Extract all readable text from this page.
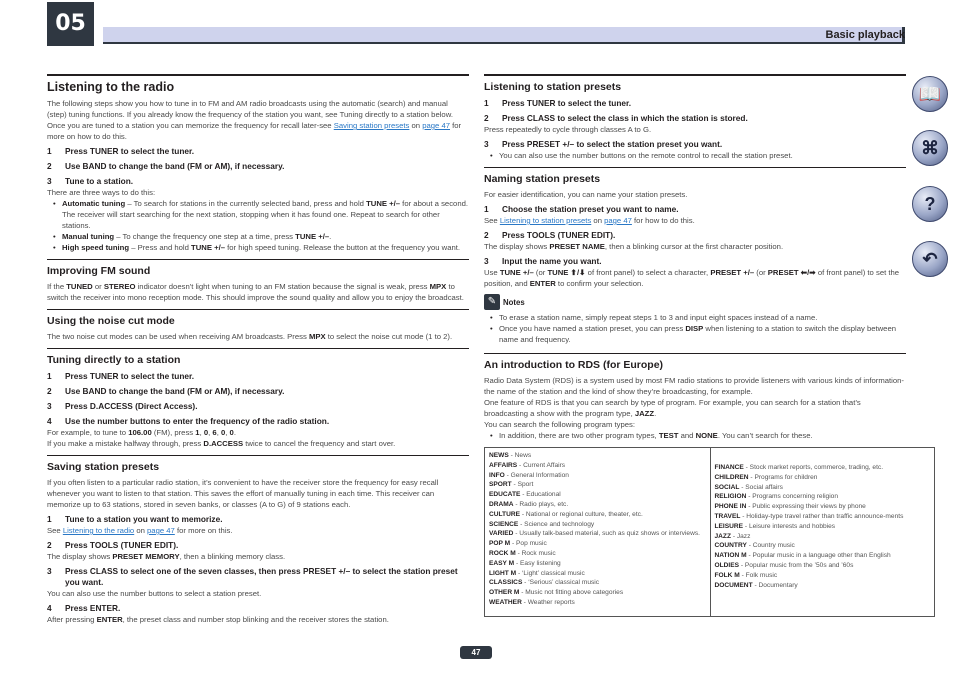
05	Basic playback
📖
⌘
?
↶
Listening to the radio
The following steps show you how to tune in to FM and AM radio broadcasts using the automatic (search) and manual (step) tuning functions. If you already know the frequency of the station you want, see Tuning directly to a station below. Once you are tuned to a station you can memorize the frequency for recall later-see Saving station presets on page 47 for more on how to do this.
1	Press TUNER to select the tuner.
2	Use BAND to change the band (FM or AM), if necessary.
3	Tune to a station.
There are three ways to do this:
• Automatic tuning – To search for stations in the currently selected band, press and hold TUNE +/– for about a second. The receiver will start searching for the next station, stopping when it has found one. Repeat to search for other stations.
• Manual tuning – To change the frequency one step at a time, press TUNE +/–.
• High speed tuning – Press and hold TUNE +/– for high speed tuning. Release the button at the frequency you want.
Improving FM sound
If the TUNED or STEREO indicator doesn't light when tuning to an FM station because the signal is weak, press MPX to switch the receiver into mono reception mode. This should improve the sound quality and allow you to enjoy the broadcast.
Using the noise cut mode
The two noise cut modes can be used when receiving AM broadcasts. Press MPX to select the noise cut mode (1 to 2).
Tuning directly to a station
1	Press TUNER to select the tuner.
2	Use BAND to change the band (FM or AM), if necessary.
3	Press D.ACCESS (Direct Access).
4	Use the number buttons to enter the frequency of the radio station.
For example, to tune to 106.00 (FM), press 1, 0, 6, 0, 0.
If you make a mistake halfway through, press D.ACCESS twice to cancel the frequency and start over.
Saving station presets
If you often listen to a particular radio station, it’s convenient to have the receiver store the frequency for easy recall whenever you want to listen to that station. This saves the effort of manually tuning in each time. This receiver can memorize up to 63 stations, stored in seven banks, or classes (A to G) of 9 stations each.
1	Tune to a station you want to memorize.
See Listening to the radio on page 47 for more on this.
2	Press TOOLS (TUNER EDIT).
The display shows PRESET MEMORY, then a blinking memory class.
3	Press CLASS to select one of the seven classes, then press PRESET +/– to select the station preset you want.
You can also use the number buttons to select a station preset.
4	Press ENTER.
After pressing ENTER, the preset class and number stop blinking and the receiver stores the station.
Listening to station presets
1	Press TUNER to select the tuner.
2	Press CLASS to select the class in which the station is stored.
Press repeatedly to cycle through classes A to G.
3	Press PRESET +/– to select the station preset you want.
• You can also use the number buttons on the remote control to recall the station preset.
Naming station presets
For easier identification, you can name your station presets.
1	Choose the station preset you want to name.
See Listening to station presets on page 47 for how to do this.
2	Press TOOLS (TUNER EDIT).
The display shows PRESET NAME, then a blinking cursor at the first character position.
3	Input the name you want.
Use TUNE +/– (or TUNE ⬆/⬇ of front panel) to select a character, PRESET +/– (or PRESET ⬅/➡ of front panel) to set the position, and ENTER to confirm your selection.
✎ Notes
• To erase a station name, simply repeat steps 1 to 3 and input eight spaces instead of a name.
• Once you have named a station preset, you can press DISP when listening to a station to switch the display between name and frequency.
An introduction to RDS (for Europe)
Radio Data System (RDS) is a system used by most FM radio stations to provide listeners with various kinds of information-the name of the station and the kind of show they’re broadcasting, for example.
One feature of RDS is that you can search by type of program. For example, you can search for a station that’s broadcasting a show with the program type, JAZZ.
You can search the following program types:
• In addition, there are two other program types, TEST and NONE. You can’t search for these.
NEWS - News
AFFAIRS - Current Affairs
INFO - General Information
SPORT - Sport
EDUCATE - Educational
DRAMA - Radio plays, etc.
CULTURE - National or regional culture, theater, etc.
SCIENCE - Science and technology
VARIED - Usually talk-based material, such as quiz shows or interviews.
POP M - Pop music
ROCK M - Rock music
EASY M - Easy listening
LIGHT M - ‘Light’ classical music
CLASSICS - ‘Serious’ classical music
OTHER M - Music not fitting above categories
WEATHER - Weather reports
FINANCE - Stock market reports, commerce, trading, etc.
CHILDREN - Programs for children
SOCIAL - Social affairs
RELIGION - Programs concerning religion
PHONE IN - Public expressing their views by phone
TRAVEL - Holiday-type travel rather than traffic announce-ments
LEISURE - Leisure interests and hobbies
JAZZ - Jazz
COUNTRY - Country music
NATION M - Popular music in a language other than English
OLDIES - Popular music from the ’50s and ’60s
FOLK M - Folk music
DOCUMENT - Documentary
47
